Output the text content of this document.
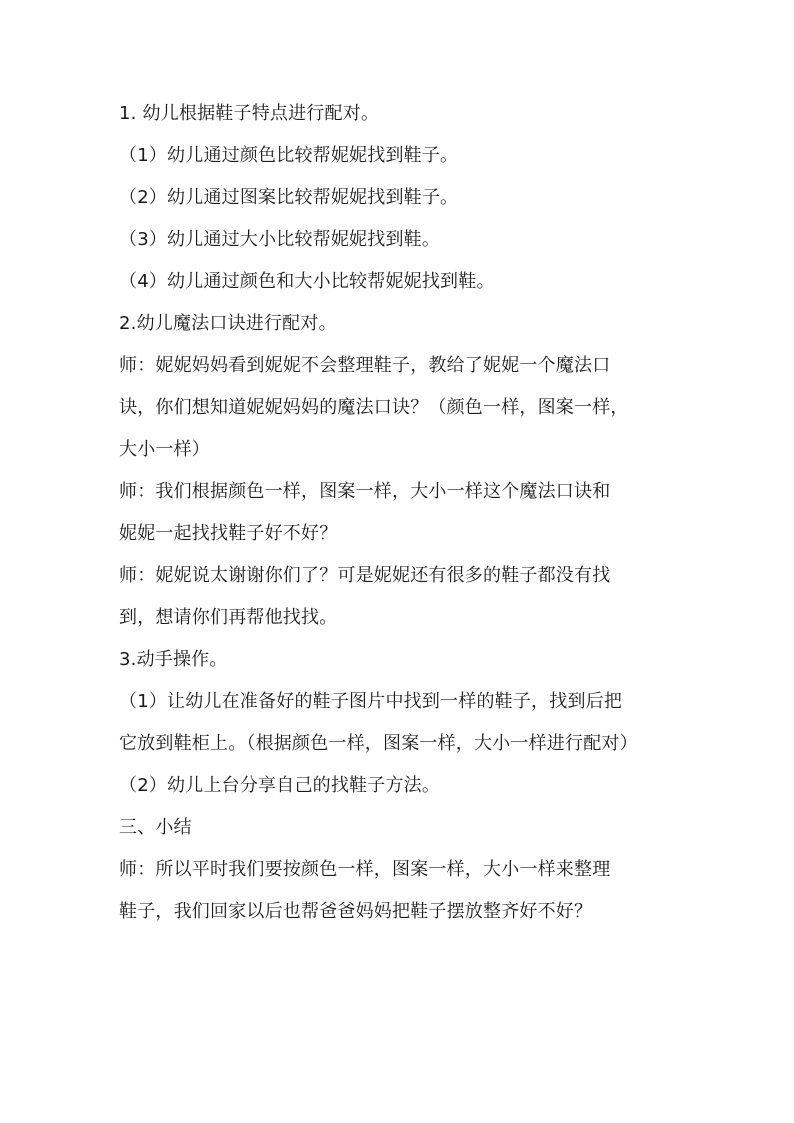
1. 幼儿根据鞋子特点进行配对。
（1）幼儿通过颜色比较帮妮妮找到鞋子。
（2）幼儿通过图案比较帮妮妮找到鞋子。
（3）幼儿通过大小比较帮妮妮找到鞋。
（4）幼儿通过颜色和大小比较帮妮妮找到鞋。
2.幼儿魔法口诀进行配对。
师：妮妮妈妈看到妮妮不会整理鞋子，教给了妮妮一个魔法口
诀，你们想知道妮妮妈妈的魔法口诀？（颜色一样，图案一样，
大小一样）
师：我们根据颜色一样，图案一样，大小一样这个魔法口诀和
妮妮一起找找鞋子好不好？
师：妮妮说太谢谢你们了？可是妮妮还有很多的鞋子都没有找
到，想请你们再帮他找找。
3.动手操作。
（1）让幼儿在准备好的鞋子图片中找到一样的鞋子，找到后把
它放到鞋柜上。（根据颜色一样，图案一样，大小一样进行配对）
（2）幼儿上台分享自己的找鞋子方法。
三、小结
师：所以平时我们要按颜色一样，图案一样，大小一样来整理
鞋子，我们回家以后也帮爸爸妈妈把鞋子摆放整齐好不好？
